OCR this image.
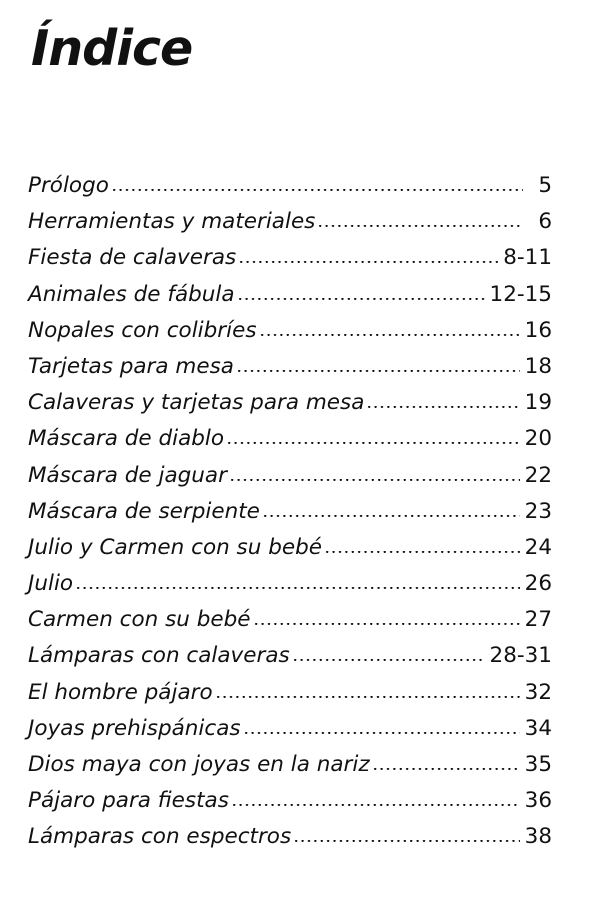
Índice
Prólogo	5
Herramientas y materiales	6
Fiesta de calaveras	8-11
Animales de fábula	12-15
Nopales con colibríes	16
Tarjetas para mesa	18
Calaveras y tarjetas para mesa	19
Máscara de diablo	20
Máscara de jaguar	22
Máscara de serpiente	23
Julio y Carmen con su bebé	24
Julio	26
Carmen con su bebé	27
Lámparas con calaveras	28-31
El hombre pájaro	32
Joyas prehispánicas	34
Dios maya con joyas en la nariz	35
Pájaro para fiestas	36
Lámparas con espectros	38
